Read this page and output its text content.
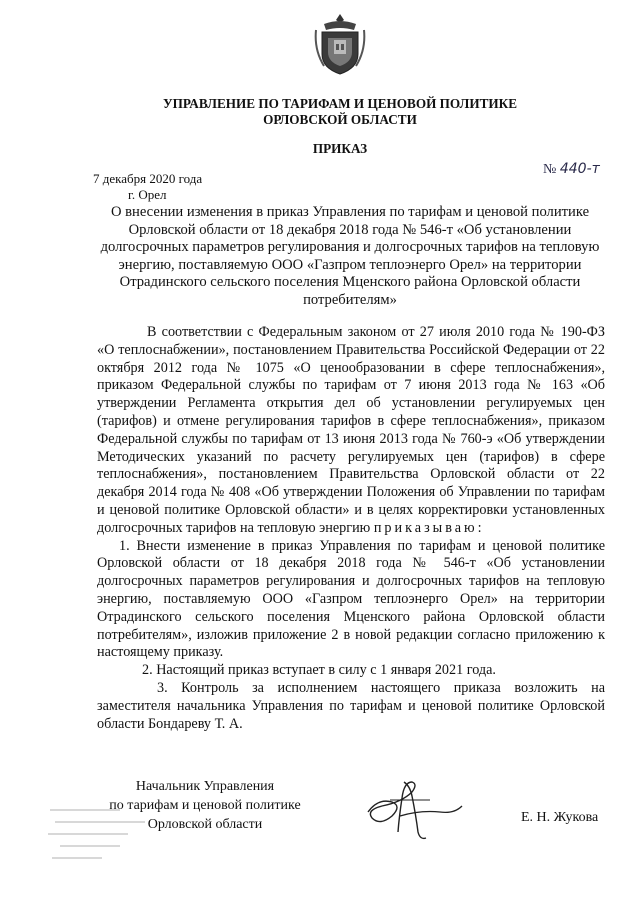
УПРАВЛЕНИЕ ПО ТАРИФАМ И ЦЕНОВОЙ ПОЛИТИКЕ
ОРЛОВСКОЙ ОБЛАСТИ
ПРИКАЗ
7 декабря 2020 года
г. Орел
№ 440-т
О внесении изменения в приказ Управления по тарифам и ценовой политике Орловской области от 18 декабря 2018 года № 546-т «Об установлении долгосрочных параметров регулирования и долгосрочных тарифов на тепловую энергию, поставляемую ООО «Газпром теплоэнерго Орел» на территории Отрадинского сельского поселения Мценского района Орловской области потребителям»

В соответствии с Федеральным законом от 27 июля 2010 года № 190-ФЗ «О теплоснабжении», постановлением Правительства Российской Федерации от 22 октября 2012 года № 1075 «О ценообразовании в сфере теплоснабжения», приказом Федеральной службы по тарифам от 7 июня 2013 года № 163 «Об утверждении Регламента открытия дел об установлении регулируемых цен (тарифов) и отмене регулирования тарифов в сфере теплоснабжения», приказом Федеральной службы по тарифам от 13 июня 2013 года № 760-э «Об утверждении Методических указаний по расчету регулируемых цен (тарифов) в сфере теплоснабжения», постановлением Правительства Орловской области от 22 декабря 2014 года № 408 «Об утверждении Положения об Управлении по тарифам и ценовой политике Орловской области» и в целях корректировки установленных долгосрочных тарифов на тепловую энергию приказываю:

1. Внести изменение в приказ Управления по тарифам и ценовой политике Орловской области от 18 декабря 2018 года № 546-т «Об установлении долгосрочных параметров регулирования и долгосрочных тарифов на тепловую энергию, поставляемую ООО «Газпром теплоэнерго Орел» на территории Отрадинского сельского поселения Мценского района Орловской области потребителям», изложив приложение 2 в новой редакции согласно приложению к настоящему приказу.

2. Настоящий приказ вступает в силу с 1 января 2021 года.

3. Контроль за исполнением настоящего приказа возложить на заместителя начальника Управления по тарифам и ценовой политике Орловской области Бондареву Т. А.

Начальник Управления
по тарифам и ценовой политике
Орловской области	Е. Н. Жукова
